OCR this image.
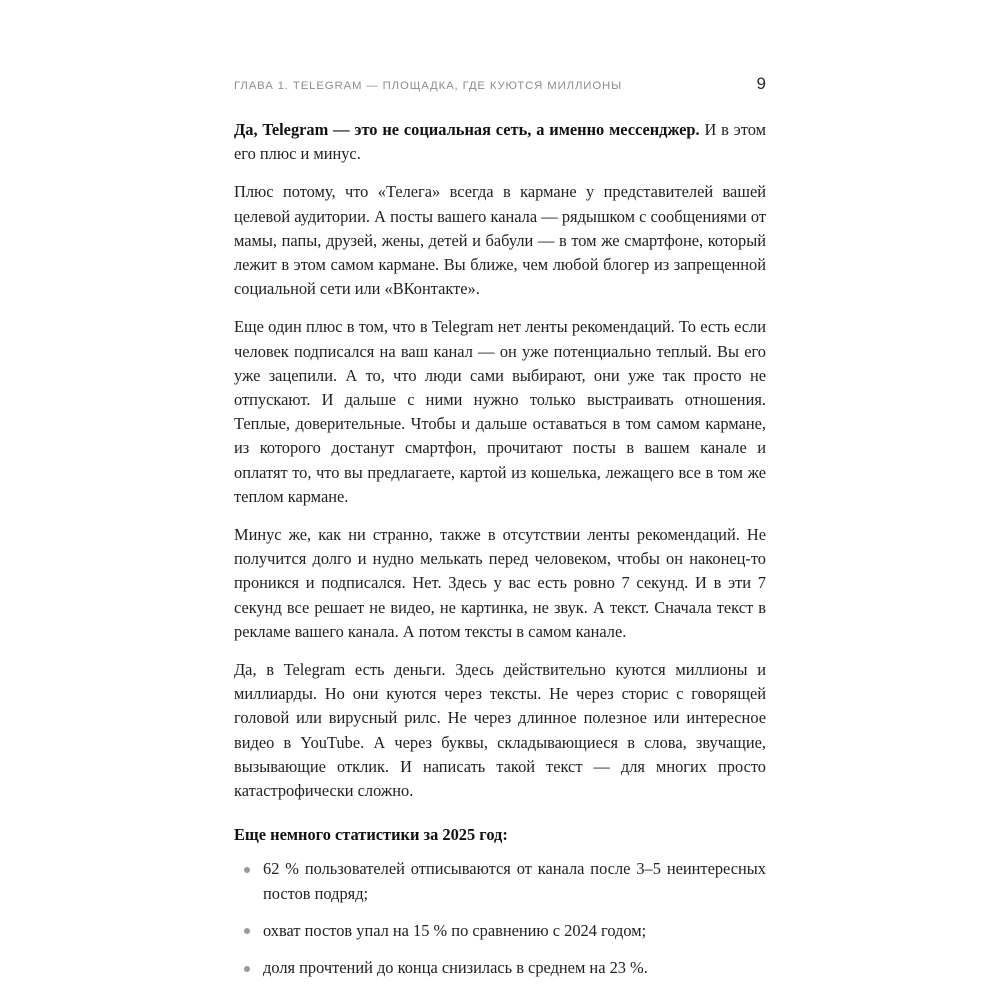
ГЛАВА 1. TELEGRAM — ПЛОЩАДКА, ГДЕ КУЮТСЯ МИЛЛИОНЫ	9

Да, Telegram — это не социальная сеть, а именно мессенджер. И в этом его плюс и минус.

Плюс потому, что «Телега» всегда в кармане у представителей вашей целевой аудитории. А посты вашего канала — рядышком с сообщениями от мамы, папы, друзей, жены, детей и бабули — в том же смартфоне, который лежит в этом самом кармане. Вы ближе, чем любой блогер из запрещенной социальной сети или «ВКонтакте».

Еще один плюс в том, что в Telegram нет ленты рекомендаций. То есть если человек подписался на ваш канал — он уже потенциально теплый. Вы его уже зацепили. А то, что люди сами выбирают, они уже так просто не отпускают. И дальше с ними нужно только выстраивать отношения. Теплые, доверительные. Чтобы и дальше оставаться в том самом кармане, из которого достанут смартфон, прочитают посты в вашем канале и оплатят то, что вы предлагаете, картой из кошелька, лежащего все в том же теплом кармане.

Минус же, как ни странно, также в отсутствии ленты рекомендаций. Не получится долго и нудно мелькать перед человеком, чтобы он наконец-то проникся и подписался. Нет. Здесь у вас есть ровно 7 секунд. И в эти 7 секунд все решает не видео, не картинка, не звук. А текст. Сначала текст в рекламе вашего канала. А потом тексты в самом канале.

Да, в Telegram есть деньги. Здесь действительно куются миллионы и миллиарды. Но они куются через тексты. Не через сторис с говорящей головой или вирусный рилс. Не через длинное полезное или интересное видео в YouTube. А через буквы, складывающиеся в слова, звучащие, вызывающие отклик. И написать такой текст — для многих просто катастрофически сложно.

Еще немного статистики за 2025 год:

62 % пользователей отписываются от канала после 3–5 неинтересных постов подряд;
охват постов упал на 15 % по сравнению с 2024 годом;
доля прочтений до конца снизилась в среднем на 23 %.
